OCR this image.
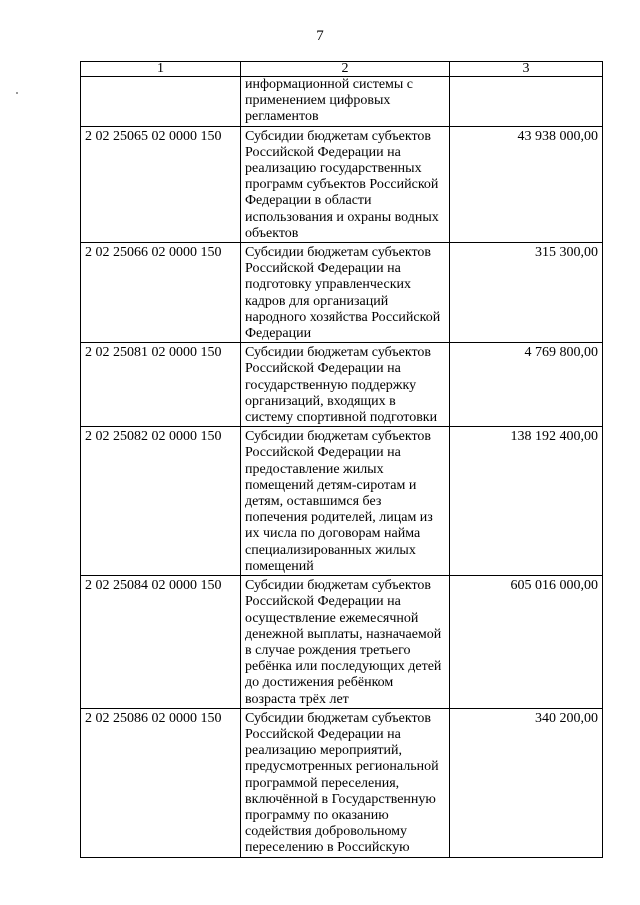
7
1	2	3
	информационной системы с применением цифровых регламентов	
2 02 25065 02 0000 150	Субсидии бюджетам субъектов Российской Федерации на реализацию государственных программ субъектов Российской Федерации в области использования и охраны водных объектов	43 938 000,00
2 02 25066 02 0000 150	Субсидии бюджетам субъектов Российской Федерации на подготовку управленческих кадров для организаций народного хозяйства Российской Федерации	315 300,00
2 02 25081 02 0000 150	Субсидии бюджетам субъектов Российской Федерации на государственную поддержку организаций, входящих в систему спортивной подготовки	4 769 800,00
2 02 25082 02 0000 150	Субсидии бюджетам субъектов Российской Федерации на предоставление жилых помещений детям-сиротам и детям, оставшимся без попечения родителей, лицам из их числа по договорам найма специализированных жилых помещений	138 192 400,00
2 02 25084 02 0000 150	Субсидии бюджетам субъектов Российской Федерации на осуществление ежемесячной денежной выплаты, назначаемой в случае рождения третьего ребёнка или последующих детей до достижения ребёнком возраста трёх лет	605 016 000,00
2 02 25086 02 0000 150	Субсидии бюджетам субъектов Российской Федерации на реализацию мероприятий, предусмотренных региональной программой переселения, включённой в Государственную программу по оказанию содействия добровольному переселению в Российскую	340 200,00
